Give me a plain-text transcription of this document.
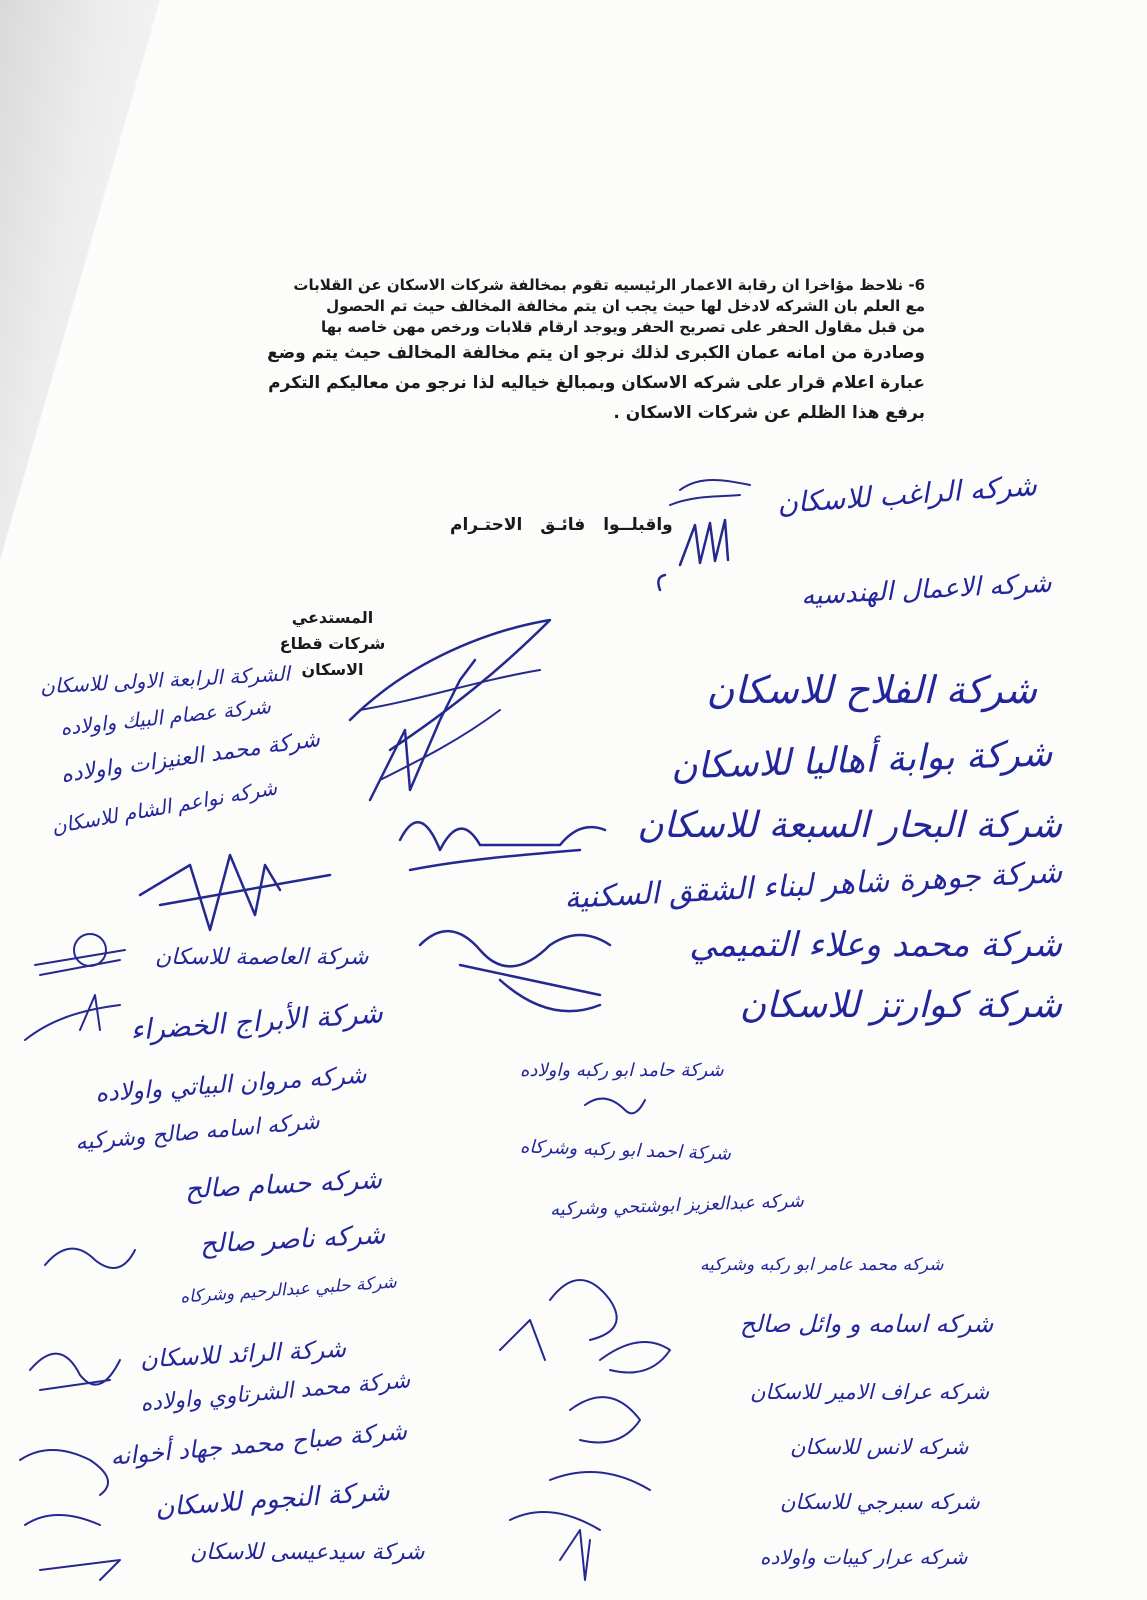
6- نلاحظ مؤاخرا ان رقابة الاعمار الرئيسيه تقوم بمخالفة شركات الاسكان عن القلابات
مع العلم بان الشركه لادخل لها حيث يجب ان يتم مخالفة المخالف حيث تم الحصول
من قبل مقاول الحفر على تصريح الحفر ويوجد ارقام قلابات ورخص مهن خاصه بها
وصادرة من امانه عمان الكبرى لذلك نرجو ان يتم مخالفة المخالف حيث يتم وضع
عبارة اعلام قرار على شركه الاسكان وبمبالغ خياليه لذا نرجو من معاليكم التكرم
برفع هذا الظلم عن شركات الاسكان .
واقبلــوا فائـق الاحتـرام
المستدعي
شركات قطاع الاسكان
شركه الراغب للاسكان
شركه الاعمال الهندسيه
شركة الفلاح للاسكان
شركة بوابة أهاليا للاسكان
شركة البحار السبعة للاسكان
شركة جوهرة شاهر لبناء الشقق السكنية
شركة محمد وعلاء التميمي
شركة كوارتز للاسكان
الشركة الرابعة الاولى للاسكان
شركة عصام البيك واولاده
شركة محمد العنيزات واولاده
شركه نواعم الشام للاسكان
شركة العاصمة للاسكان
شركة الأبراج الخضراء
شركه مروان البياتي واولاده
شركه اسامه صالح وشركيه
شركه حسام صالح
شركه ناصر صالح
شركة حلبي عبدالرحيم وشركاه
شركة الرائد للاسكان
شركة محمد الشرتاوي واولاده
شركة صباح محمد جهاد أخوانه
شركة النجوم للاسكان
شركة سيدعيسى للاسكان
شركة حامد ابو ركبه واولاده
شركة احمد ابو ركبه وشركاه
شركه عبدالعزيز ابوشتحي وشركيه
شركه محمد عامر ابو ركبه وشركيه
شركه اسامه و وائل صالح
شركه عراف الامير للاسكان
شركه لانس للاسكان
شركه سبرجي للاسكان
شركه عرار كيبات واولاده
